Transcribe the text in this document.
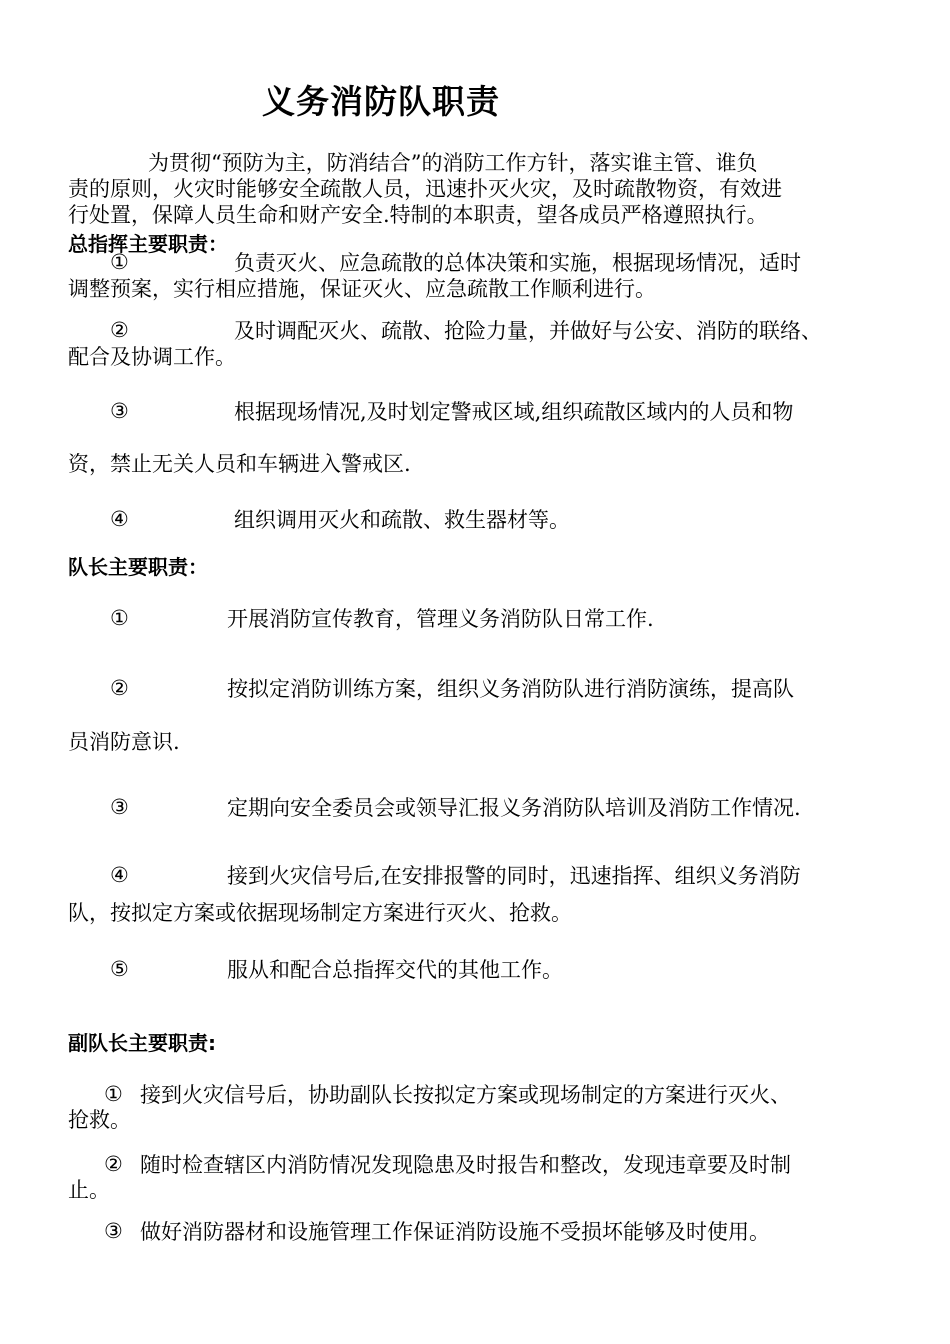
义务消防队职责
为贯彻“预防为主，防消结合”的消防工作方针，落实谁主管、谁负
责的原则，火灾时能够安全疏散人员，迅速扑灭火灾，及时疏散物资，有效进
行处置，保障人员生命和财产安全.特制的本职责，望各成员严格遵照执行。
总指挥主要职责：
①	负责灭火、应急疏散的总体决策和实施，根据现场情况，适时
调整预案，实行相应措施，保证灭火、应急疏散工作顺利进行。
②	及时调配灭火、疏散、抢险力量，并做好与公安、消防的联络、
配合及协调工作。
③	根据现场情况,及时划定警戒区域,组织疏散区域内的人员和物
资，禁止无关人员和车辆进入警戒区.
④	组织调用灭火和疏散、救生器材等。
队长主要职责：
①	开展消防宣传教育，管理义务消防队日常工作.
②	按拟定消防训练方案，组织义务消防队进行消防演练，提高队
员消防意识.
③	定期向安全委员会或领导汇报义务消防队培训及消防工作情况.
④	接到火灾信号后,在安排报警的同时，迅速指挥、组织义务消防
队，按拟定方案或依据现场制定方案进行灭火、抢救。
⑤	服从和配合总指挥交代的其他工作。
副队长主要职责:
① 接到火灾信号后，协助副队长按拟定方案或现场制定的方案进行灭火、
抢救。
② 随时检查辖区内消防情况发现隐患及时报告和整改，发现违章要及时制
止。
③ 做好消防器材和设施管理工作保证消防设施不受损坏能够及时使用。
